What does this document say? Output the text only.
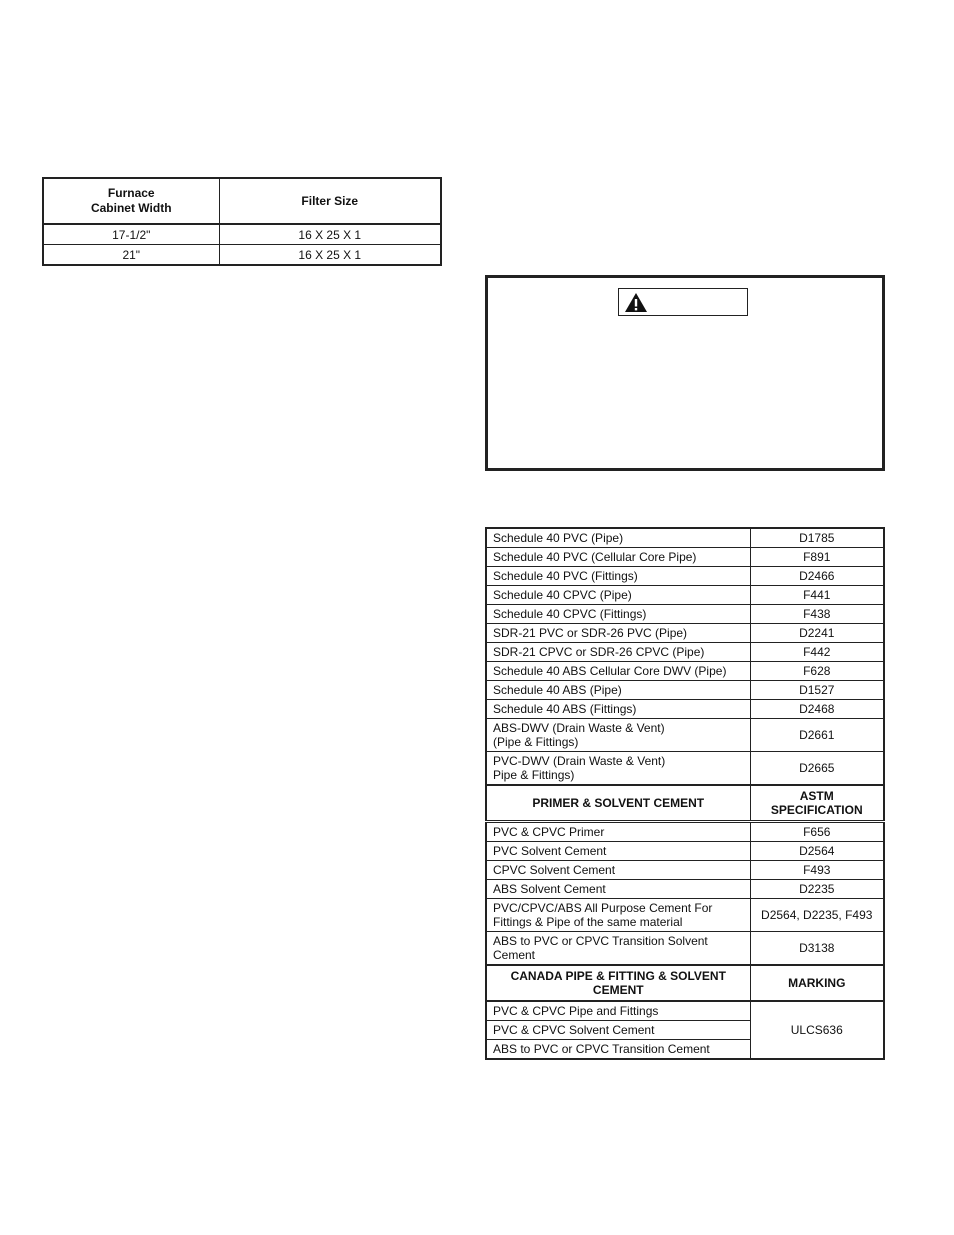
Furnace
Cabinet Width	Filter Size
17-1/2"	16 X 25 X 1
21"	16 X 25 X 1
Schedule 40 PVC (Pipe)	D1785
Schedule 40 PVC (Cellular Core Pipe)	F891
Schedule 40 PVC (Fittings)	D2466
Schedule 40 CPVC (Pipe)	F441
Schedule 40 CPVC (Fittings)	F438
SDR-21 PVC or SDR-26 PVC (Pipe)	D2241
SDR-21 CPVC or SDR-26 CPVC (Pipe)	F442
Schedule 40 ABS Cellular Core DWV (Pipe)	F628
Schedule 40 ABS (Pipe)	D1527
Schedule 40 ABS (Fittings)	D2468
ABS-DWV (Drain Waste & Vent)
(Pipe & Fittings)	D2661
PVC-DWV (Drain Waste & Vent)
Pipe & Fittings)	D2665
PRIMER & SOLVENT CEMENT	ASTM
SPECIFICATION
PVC & CPVC Primer	F656
PVC Solvent Cement	D2564
CPVC Solvent Cement	F493
ABS Solvent Cement	D2235
PVC/CPVC/ABS All Purpose Cement For
Fittings & Pipe of the same material	D2564, D2235, F493
ABS to PVC or CPVC Transition Solvent
Cement	D3138
CANADA PIPE & FITTING & SOLVENT
CEMENT	MARKING
PVC & CPVC Pipe and Fittings	ULCS636
PVC & CPVC Solvent Cement	
ABS to PVC or CPVC Transition Cement	
